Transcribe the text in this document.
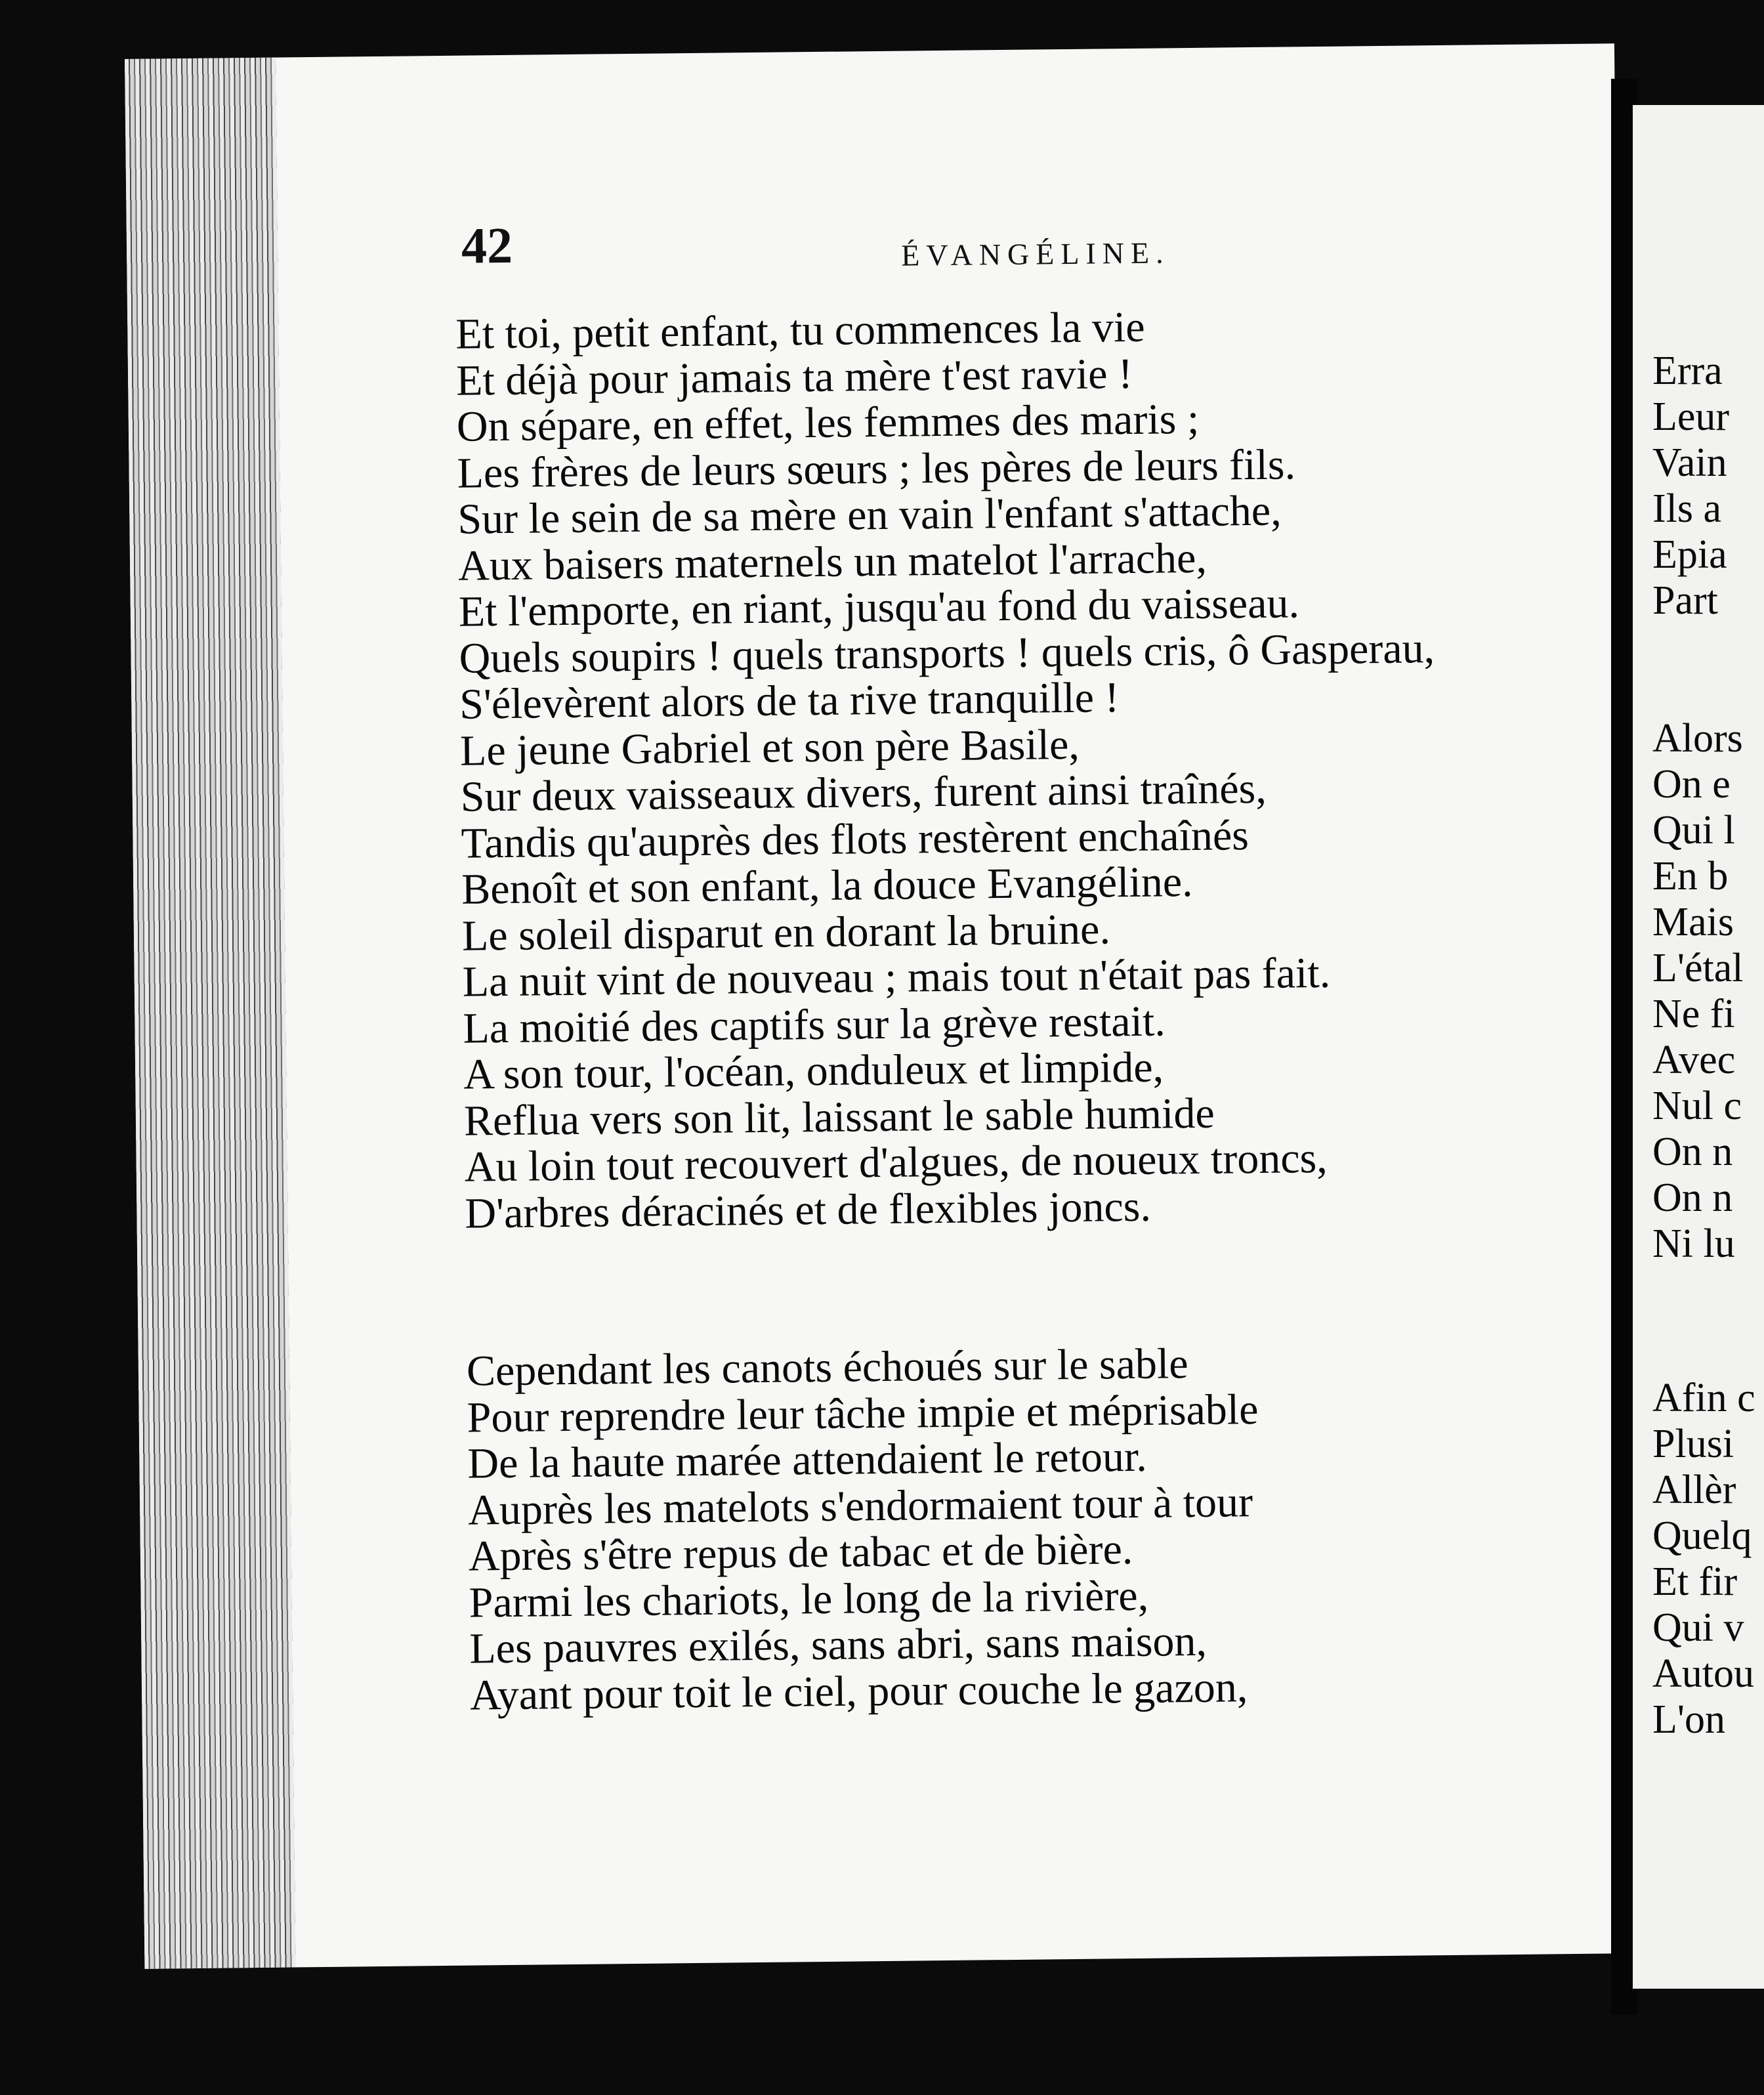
42	ÉVANGÉLINE.
Et toi, petit enfant, tu commences la vie
Et déjà pour jamais ta mère t'est ravie !
On sépare, en effet, les femmes des maris ;
Les frères de leurs sœurs ; les pères de leurs fils.
Sur le sein de sa mère en vain l'enfant s'attache,
Aux baisers maternels un matelot l'arrache,
Et l'emporte, en riant, jusqu'au fond du vaisseau.
Quels soupirs ! quels transports ! quels cris, ô Gasperau,
S'élevèrent alors de ta rive tranquille !
Le jeune Gabriel et son père Basile,
Sur deux vaisseaux divers, furent ainsi traînés,
Tandis qu'auprès des flots restèrent enchaînés
Benoît et son enfant, la douce Evangéline.
Le soleil disparut en dorant la bruine.
La nuit vint de nouveau ; mais tout n'était pas fait.
La moitié des captifs sur la grève restait.
A son tour, l'océan, onduleux et limpide,
Reflua vers son lit, laissant le sable humide
Au loin tout recouvert d'algues, de noueux troncs,
D'arbres déracinés et de flexibles joncs.
Cependant les canots échoués sur le sable
Pour reprendre leur tâche impie et méprisable
De la haute marée attendaient le retour.
Auprès les matelots s'endormaient tour à tour
Après s'être repus de tabac et de bière.
Parmi les chariots, le long de la rivière,
Les pauvres exilés, sans abri, sans maison,
Ayant pour toit le ciel, pour couche le gazon,
Erra
Leur
Vain
Ils a
Epia
Part
Alors
On e
Qui l
En b
Mais
L'étal
Ne fi
Avec
Nul c
On n
On n
Ni lu
Afin c
Plusi
Allèr
Quelq
Et fir
Qui v
Autou
L'on
